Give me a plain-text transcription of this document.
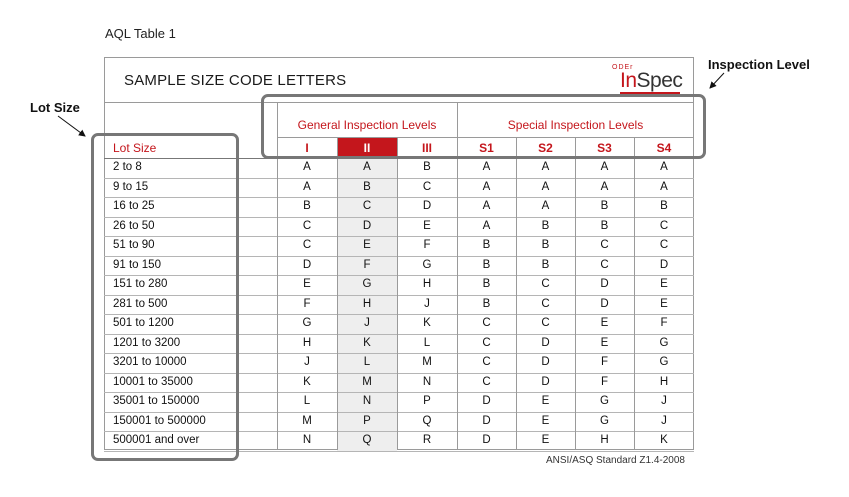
AQL Table 1
Lot Size
Inspection Level
SAMPLE SIZE CODE LETTERS
ODEr
InSpec
General Inspection Levels	Special Inspection Levels
Lot Size	I	II	III	S1	S2	S3	S4
2 to 8	A	A	B	A	A	A	A
9 to 15	A	B	C	A	A	A	A
16 to 25	B	C	D	A	A	B	B
26 to 50	C	D	E	A	B	B	C
51 to 90	C	E	F	B	B	C	C
91 to 150	D	F	G	B	B	C	D
151 to 280	E	G	H	B	C	D	E
281 to 500	F	H	J	B	C	D	E
501 to 1200	G	J	K	C	C	E	F
1201 to 3200	H	K	L	C	D	E	G
3201 to 10000	J	L	M	C	D	F	G
10001 to 35000	K	M	N	C	D	F	H
35001 to 150000	L	N	P	D	E	G	J
150001 to 500000	M	P	Q	D	E	G	J
500001 and over	N	Q	R	D	E	H	K
ANSI/ASQ Standard Z1.4-2008
